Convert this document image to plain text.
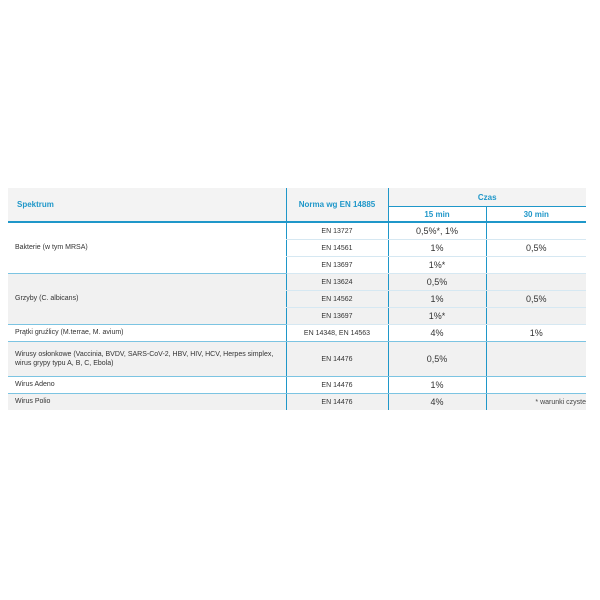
Spektrum	Norma wg EN 14885	Czas	
		15 min	30 min
Bakterie (w tym MRSA)	EN 13727	0,5%*, 1%	
	EN 14561	1%	0,5%
	EN 13697	1%*	
Grzyby (C. albicans)	EN 13624	0,5%	
	EN 14562	1%	0,5%
	EN 13697	1%*	
Prątki gruźlicy (M.terrae, M. avium)	EN 14348, EN 14563	4%	1%
Wirusy osłonkowe (Vaccinia, BVDV, SARS-CoV-2, HBV, HIV, HCV, Herpes simplex, wirus grypy typu A, B, C, Ebola)	EN 14476	0,5%	
Wirus Adeno	EN 14476	1%	
Wirus Polio	EN 14476	4%		* warunki czyste
